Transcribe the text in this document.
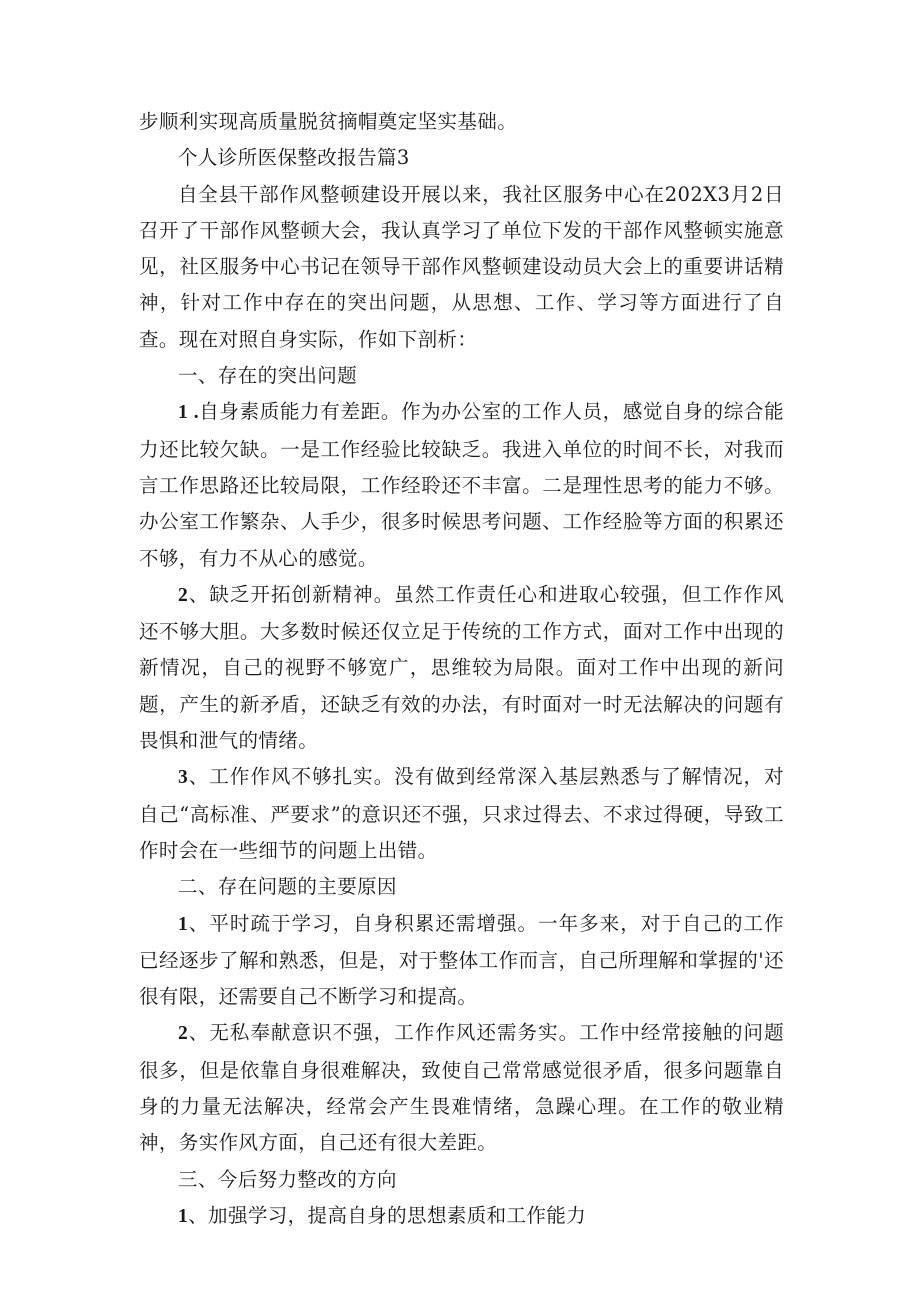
步顺利实现高质量脱贫摘帽奠定坚实基础。

个人诊所医保整改报告篇3

自全县干部作风整顿建设开展以来，我社区服务中心在202X3月2日召开了干部作风整顿大会，我认真学习了单位下发的干部作风整顿实施意见，社区服务中心书记在领导干部作风整顿建设动员大会上的重要讲话精神，针对工作中存在的突出问题，从思想、工作、学习等方面进行了自查。现在对照自身实际，作如下剖析：

一、存在的突出问题

1 .自身素质能力有差距。作为办公室的工作人员，感觉自身的综合能力还比较欠缺。一是工作经验比较缺乏。我进入单位的时间不长，对我而言工作思路还比较局限，工作经聆还不丰富。二是理性思考的能力不够。办公室工作繁杂、人手少，很多时候思考问题、工作经脸等方面的积累还不够，有力不从心的感觉。

2、缺乏开拓创新精神。虽然工作责任心和进取心较强，但工作作风还不够大胆。大多数时候还仅立足于传统的工作方式，面对工作中出现的新情况，自己的视野不够宽广，思维较为局限。面对工作中出现的新问题，产生的新矛盾，还缺乏有效的办法，有时面对一时无法解决的问题有畏惧和泄气的情绪。

3、工作作风不够扎实。没有做到经常深入基层熟悉与了解情况，对自己“高标准、严要求”的意识还不强，只求过得去、不求过得硬，导致工作时会在一些细节的问题上出错。

二、存在问题的主要原因

1、平时疏于学习，自身积累还需增强。一年多来，对于自己的工作已经逐步了解和熟悉，但是，对于整体工作而言，自己所理解和掌握的'还很有限，还需要自己不断学习和提高。

2、无私奉献意识不强，工作作风还需务实。工作中经常接触的问题很多，但是依靠自身很难解决，致使自己常常感觉很矛盾，很多问题靠自身的力量无法解决，经常会产生畏难情绪，急躁心理。在工作的敬业精神，务实作风方面，自己还有很大差距。

三、今后努力整改的方向

1、加强学习，提高自身的思想素质和工作能力
